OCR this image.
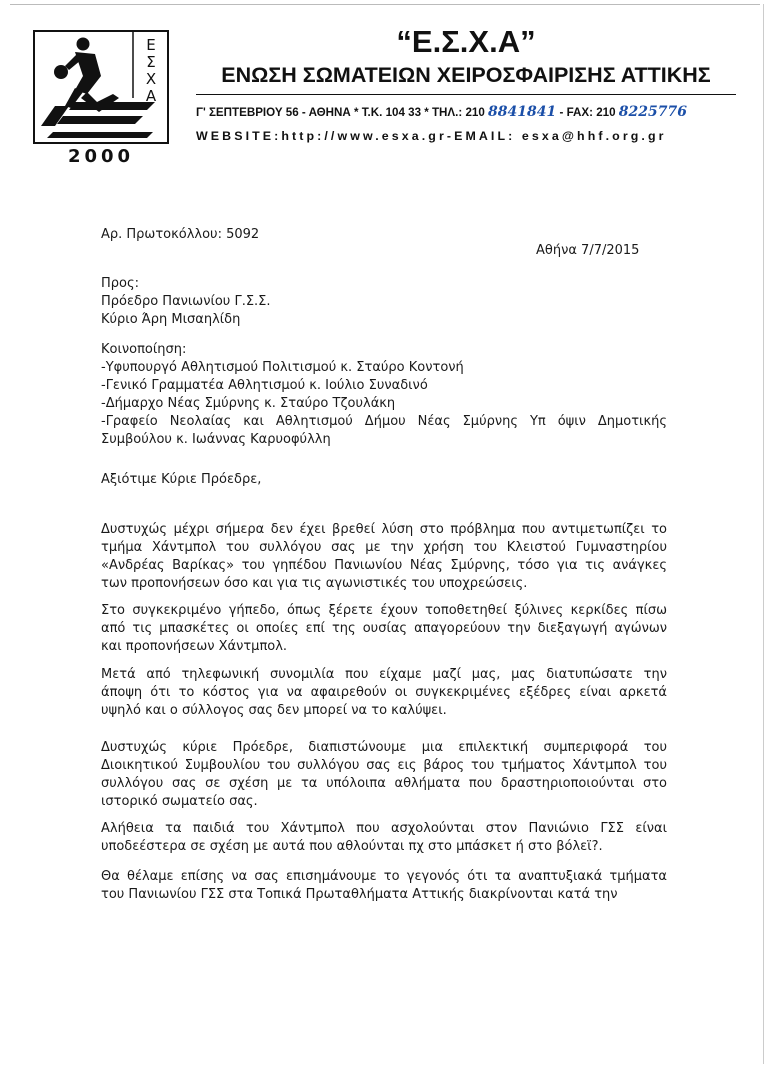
Ε
Σ
Χ
Α
2000
“Ε.Σ.Χ.Α”
ΕΝΩΣΗ ΣΩΜΑΤΕΙΩΝ ΧΕΙΡΟΣΦΑΙΡΙΣΗΣ ΑΤΤΙΚΗΣ
Γ' ΣΕΠΤΕΒΡΙΟΥ 56 - ΑΘΗΝΑ * Τ.Κ. 104 33 * ΤΗΛ.: 210 8841841 - FAX: 210 8225776
WEBSITE:http://www.esxa.gr-EMAIL: esxa@hhf.org.gr
Αρ. Πρωτοκόλλου: 5092
Αθήνα 7/7/2015
Προς:
Πρόεδρο Πανιωνίου Γ.Σ.Σ.
Κύριο Άρη Μισαηλίδη
Κοινοποίηση:
-Υφυπουργό Αθλητισμού Πολιτισμού κ. Σταύρο Κοντονή
-Γενικό Γραμματέα Αθλητισμού κ. Ιούλιο Συναδινό
-Δήμαρχο Νέας Σμύρνης κ. Σταύρο Τζουλάκη
-Γραφείο Νεολαίας και Αθλητισμού Δήμου Νέας Σμύρνης Υπ όψιν Δημοτικής
Συμβούλου κ. Ιωάννας Καρυοφύλλη
Αξιότιμε Κύριε Πρόεδρε,
Δυστυχώς μέχρι σήμερα δεν έχει βρεθεί λύση στο πρόβλημα που αντιμετωπίζει το
τμήμα Χάντμπολ του συλλόγου σας με την χρήση του Κλειστού Γυμναστηρίου
«Ανδρέας Βαρίκας» του γηπέδου Πανιωνίου Νέας Σμύρνης, τόσο για τις ανάγκες
των προπονήσεων όσο και για τις αγωνιστικές του υποχρεώσεις.
Στο συγκεκριμένο γήπεδο, όπως ξέρετε έχουν τοποθετηθεί ξύλινες κερκίδες πίσω
από τις μπασκέτες οι οποίες επί της ουσίας απαγορεύουν την διεξαγωγή αγώνων
και προπονήσεων Χάντμπολ.
Μετά από τηλεφωνική συνομιλία που είχαμε μαζί μας, μας διατυπώσατε την
άποψη ότι το κόστος για να αφαιρεθούν οι συγκεκριμένες εξέδρες είναι αρκετά
υψηλό και ο σύλλογος σας δεν μπορεί να το καλύψει.
Δυστυχώς κύριε Πρόεδρε, διαπιστώνουμε μια επιλεκτική συμπεριφορά του
Διοικητικού Συμβουλίου του συλλόγου σας εις βάρος του τμήματος Χάντμπολ του
συλλόγου σας σε σχέση με τα υπόλοιπα αθλήματα που δραστηριοποιούνται στο
ιστορικό σωματείο σας.
Αλήθεια τα παιδιά του Χάντμπολ που ασχολούνται στον Πανιώνιο ΓΣΣ είναι
υποδεέστερα σε σχέση με αυτά που αθλούνται πχ στο μπάσκετ ή στο βόλεϊ?.
Θα θέλαμε επίσης να σας επισημάνουμε το γεγονός ότι τα αναπτυξιακά τμήματα
του Πανιωνίου ΓΣΣ στα Τοπικά Πρωταθλήματα Αττικής διακρίνονται κατά την
